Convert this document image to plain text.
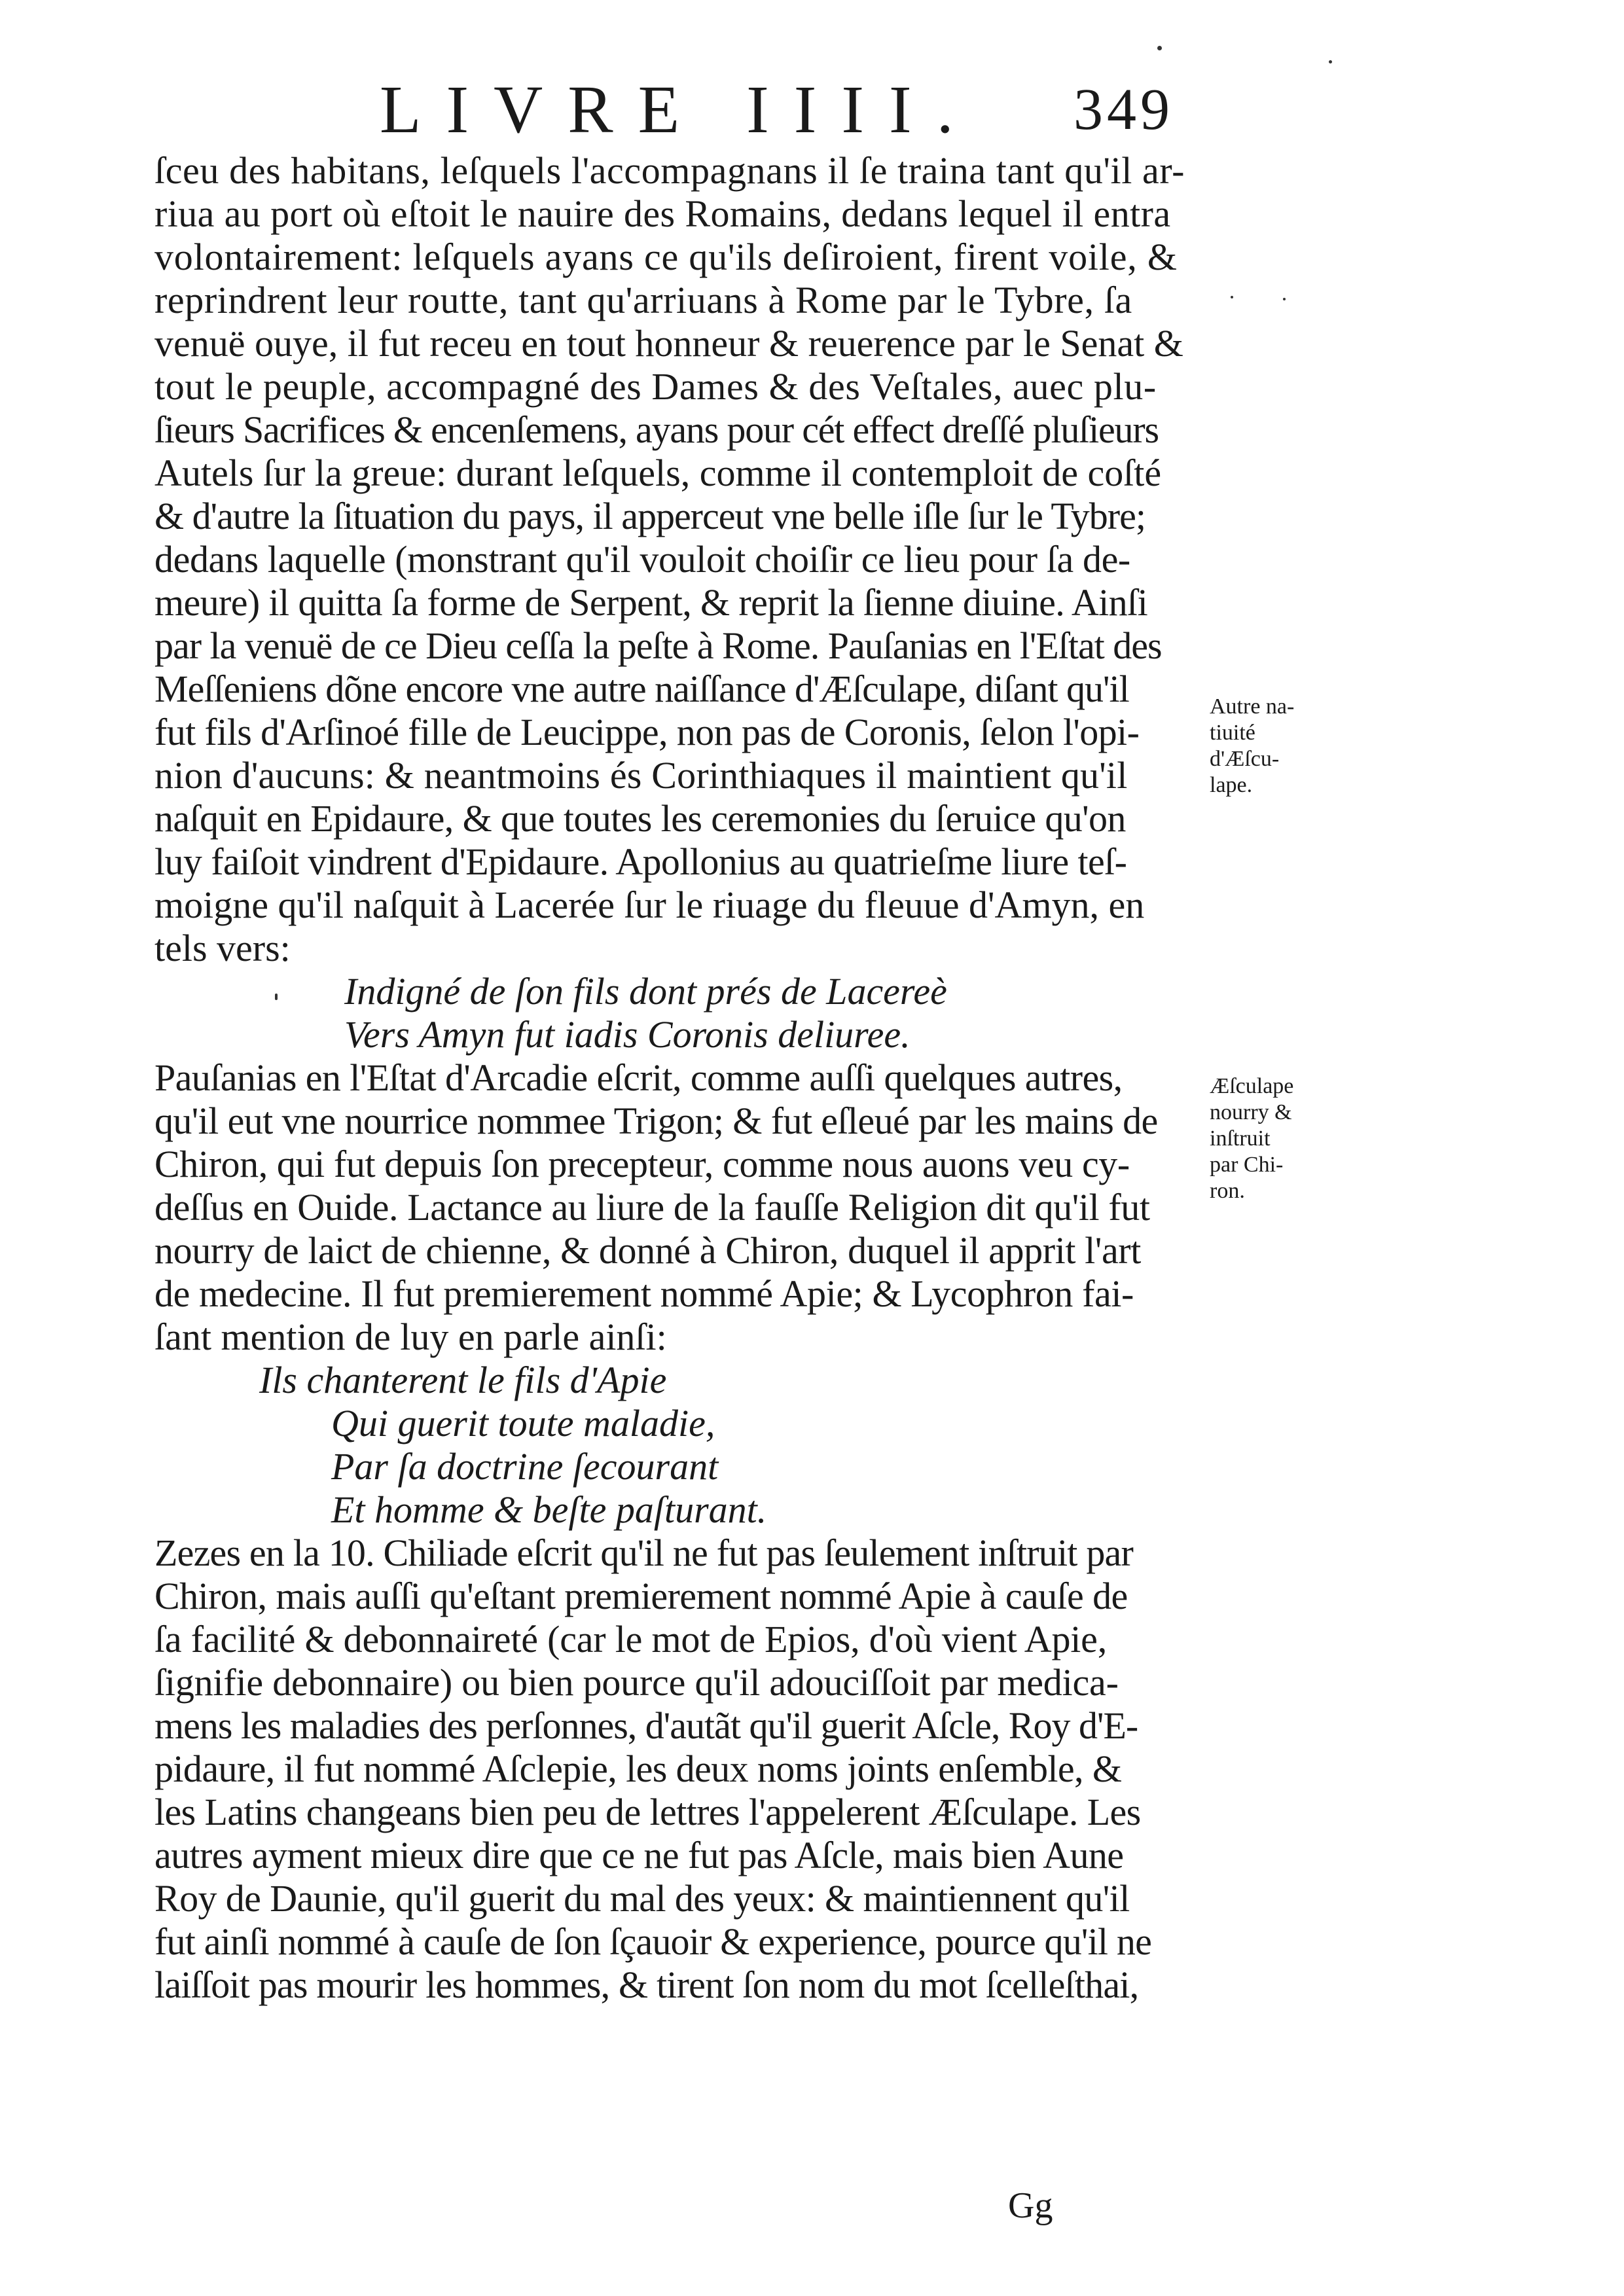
LIVRE IIII. 349
ſceu des habitans, leſquels l'accompagnans il ſe traina tant qu'il ar-
riua au port où eſtoit le nauire des Romains, dedans lequel il entra
volontairement: leſquels ayans ce qu'ils deſiroient, firent voile, &
reprindrent leur routte, tant qu'arriuans à Rome par le Tybre, ſa
venuë ouye, il fut receu en tout honneur & reuerence par le Senat &
tout le peuple, accompagné des Dames & des Veſtales, auec plu-
ſieurs Sacrifices & encenſemens, ayans pour cét effect dreſſé pluſieurs
Autels ſur la greue: durant leſquels, comme il contemploit de coſté
& d'autre la ſituation du pays, il apperceut vne belle iſle ſur le Tybre;
dedans laquelle (monstrant qu'il vouloit choiſir ce lieu pour ſa de-
meure) il quitta ſa forme de Serpent, & reprit la ſienne diuine. Ainſi
par la venuë de ce Dieu ceſſa la peſte à Rome. Pauſanias en l'Eſtat des
Meſſeniens dõne encore vne autre naiſſance d'Æſculape, diſant qu'il
fut fils d'Arſinoé fille de Leucippe, non pas de Coronis, ſelon l'opi-
nion d'aucuns: & neantmoins és Corinthiaques il maintient qu'il
naſquit en Epidaure, & que toutes les ceremonies du ſeruice qu'on
luy faiſoit vindrent d'Epidaure. Apollonius au quatrieſme liure teſ-
moigne qu'il naſquit à Lacerée ſur le riuage du fleuue d'Amyn, en
tels vers:
Indigné de ſon fils dont prés de Lacereè
Vers Amyn fut iadis Coronis deliuree.
Pauſanias en l'Eſtat d'Arcadie eſcrit, comme auſſi quelques autres,
qu'il eut vne nourrice nommee Trigon; & fut eſleué par les mains de
Chiron, qui fut depuis ſon precepteur, comme nous auons veu cy-
deſſus en Ouide. Lactance au liure de la fauſſe Religion dit qu'il fut
nourry de laict de chienne, & donné à Chiron, duquel il apprit l'art
de medecine. Il fut premierement nommé Apie; & Lycophron fai-
ſant mention de luy en parle ainſi:
Ils chanterent le fils d'Apie
Qui guerit toute maladie,
Par ſa doctrine ſecourant
Et homme & beſte paſturant.
Zezes en la 10. Chiliade eſcrit qu'il ne fut pas ſeulement inſtruit par
Chiron, mais auſſi qu'eſtant premierement nommé Apie à cauſe de
ſa facilité & debonnaireté (car le mot de Epios, d'où vient Apie,
ſignifie debonnaire) ou bien pource qu'il adouciſſoit par medica-
mens les maladies des perſonnes, d'autãt qu'il guerit Aſcle, Roy d'E-
pidaure, il fut nommé Aſclepie, les deux noms joints enſemble, &
les Latins changeans bien peu de lettres l'appelerent Æſculape. Les
autres ayment mieux dire que ce ne fut pas Aſcle, mais bien Aune
Roy de Daunie, qu'il guerit du mal des yeux: & maintiennent qu'il
fut ainſi nommé à cauſe de ſon ſçauoir & experience, pource qu'il ne
laiſſoit pas mourir les hommes, & tirent ſon nom du mot ſcelleſthai,
Autre na-
tiuité
d'Æſcu-
lape.
Æſculape
nourry &
inſtruit
par Chi-
ron.
Gg
